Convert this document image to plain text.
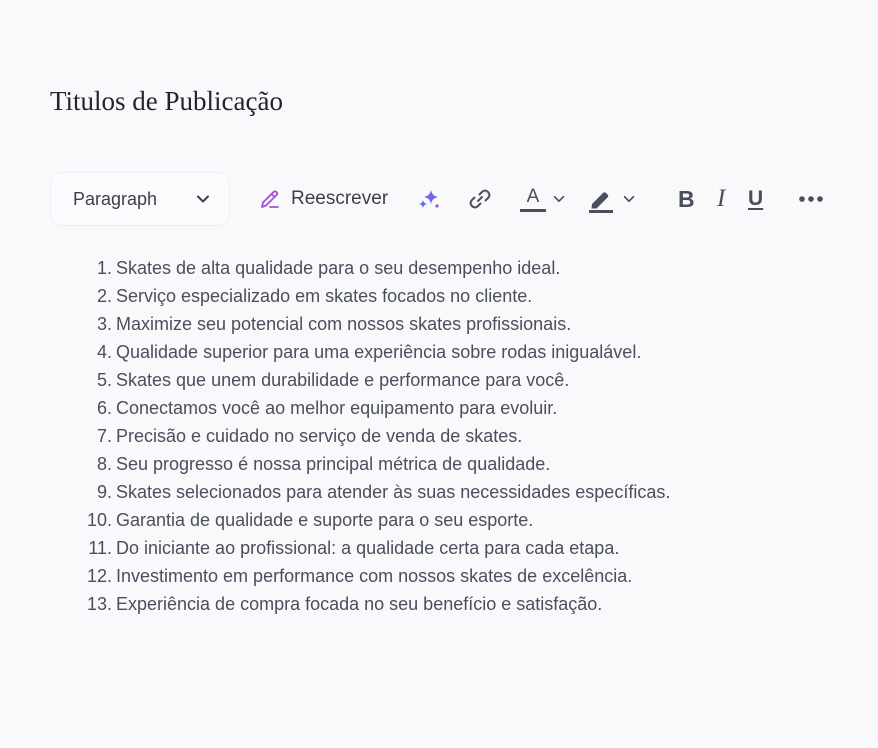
Titulos de Publicação
Paragraph	Reescrever	A	B I U
1. Skates de alta qualidade para o seu desempenho ideal.
2. Serviço especializado em skates focados no cliente.
3. Maximize seu potencial com nossos skates profissionais.
4. Qualidade superior para uma experiência sobre rodas inigualável.
5. Skates que unem durabilidade e performance para você.
6. Conectamos você ao melhor equipamento para evoluir.
7. Precisão e cuidado no serviço de venda de skates.
8. Seu progresso é nossa principal métrica de qualidade.
9. Skates selecionados para atender às suas necessidades específicas.
10. Garantia de qualidade e suporte para o seu esporte.
11. Do iniciante ao profissional: a qualidade certa para cada etapa.
12. Investimento em performance com nossos skates de excelência.
13. Experiência de compra focada no seu benefício e satisfação.
